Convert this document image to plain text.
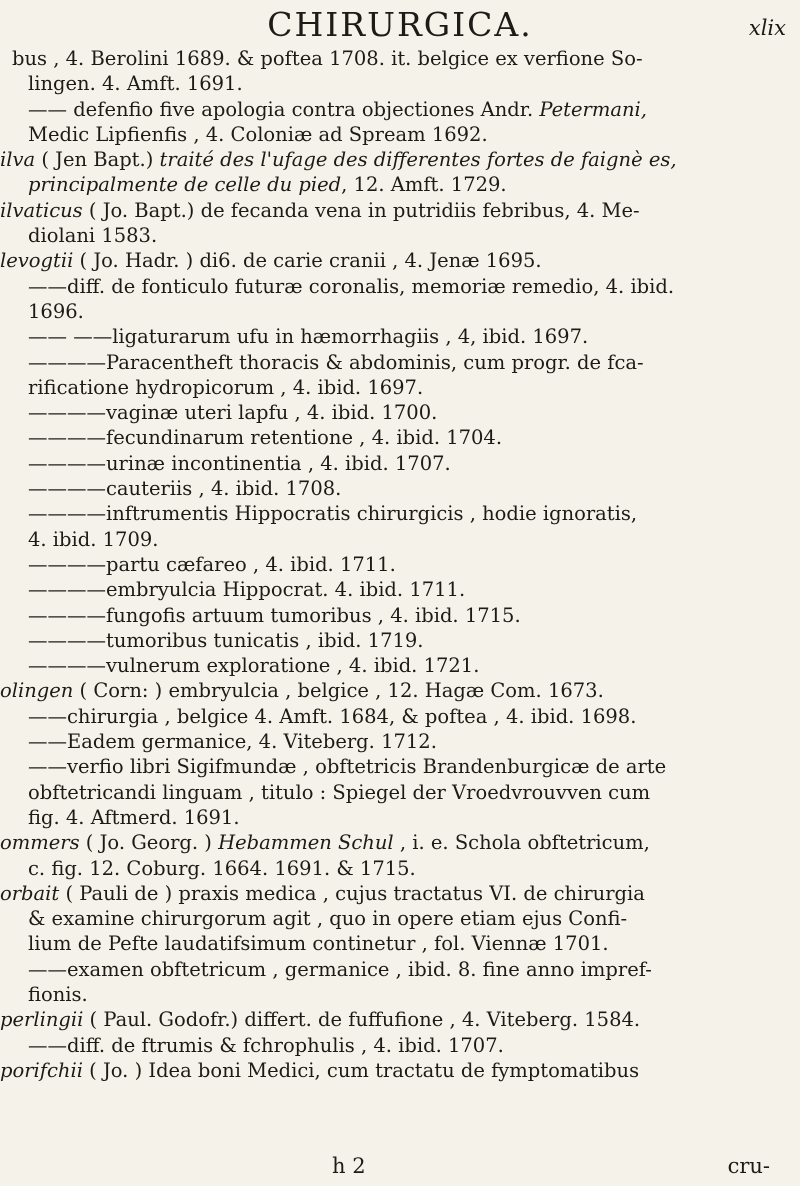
CHIRURGICA.	xlix
bus , 4. Berolini 1689. & poftea 1708. it. belgice ex verfione So-
lingen. 4. Amft. 1691.
—— defenfio five apologia contra objectiones Andr. Petermani,
Medic Lipfienfis , 4. Coloniæ ad Spream 1692.
ilva ( Jen Bapt.) traité des l'ufage des differentes fortes de faignè es,
principalmente de celle du pied, 12. Amft. 1729.
ilvaticus ( Jo. Bapt.) de fecanda vena in putridiis febribus, 4. Me-
diolani 1583.
levogtii ( Jo. Hadr. ) di6. de carie cranii , 4. Jenæ 1695.
——diff. de fonticulo futuræ coronalis, memoriæ remedio, 4. ibid.
1696.
—— ——ligaturarum ufu in hæmorrhagiis , 4, ibid. 1697.
————Paracentheft thoracis & abdominis, cum progr. de fca-
rificatione hydropicorum , 4. ibid. 1697.
————vaginæ uteri lapfu , 4. ibid. 1700.
————fecundinarum retentione , 4. ibid. 1704.
————urinæ incontinentia , 4. ibid. 1707.
————cauteriis , 4. ibid. 1708.
————inftrumentis Hippocratis chirurgicis , hodie ignoratis,
4. ibid. 1709.
————partu cæfareo , 4. ibid. 1711.
————embryulcia Hippocrat. 4. ibid. 1711.
————fungofis artuum tumoribus , 4. ibid. 1715.
————tumoribus tunicatis , ibid. 1719.
————vulnerum exploratione , 4. ibid. 1721.
olingen ( Corn: ) embryulcia , belgice , 12. Hagæ Com. 1673.
——chirurgia , belgice 4. Amft. 1684, & poftea , 4. ibid. 1698.
——Eadem germanice, 4. Viteberg. 1712.
——verfio libri Sigifmundæ , obftetricis Brandenburgicæ de arte
obftetricandi linguam , titulo : Spiegel der Vroedvrouvven cum
fig. 4. Aftmerd. 1691.
ommers ( Jo. Georg. ) Hebammen Schul , i. e. Schola obftetricum,
c. fig. 12. Coburg. 1664. 1691. & 1715.
orbait ( Pauli de ) praxis medica , cujus tractatus VI. de chirurgia
& examine chirurgorum agit , quo in opere etiam ejus Confi-
lium de Pefte laudatifsimum continetur , fol. Viennæ 1701.
——examen obftetricum , germanice , ibid. 8. fine anno impref-
fionis.
perlingii ( Paul. Godofr.) differt. de fuffufione , 4. Viteberg. 1584.
——diff. de ftrumis & fchrophulis , 4. ibid. 1707.
porifchii ( Jo. ) Idea boni Medici, cum tractatu de fymptomatibus
h 2	cru-
